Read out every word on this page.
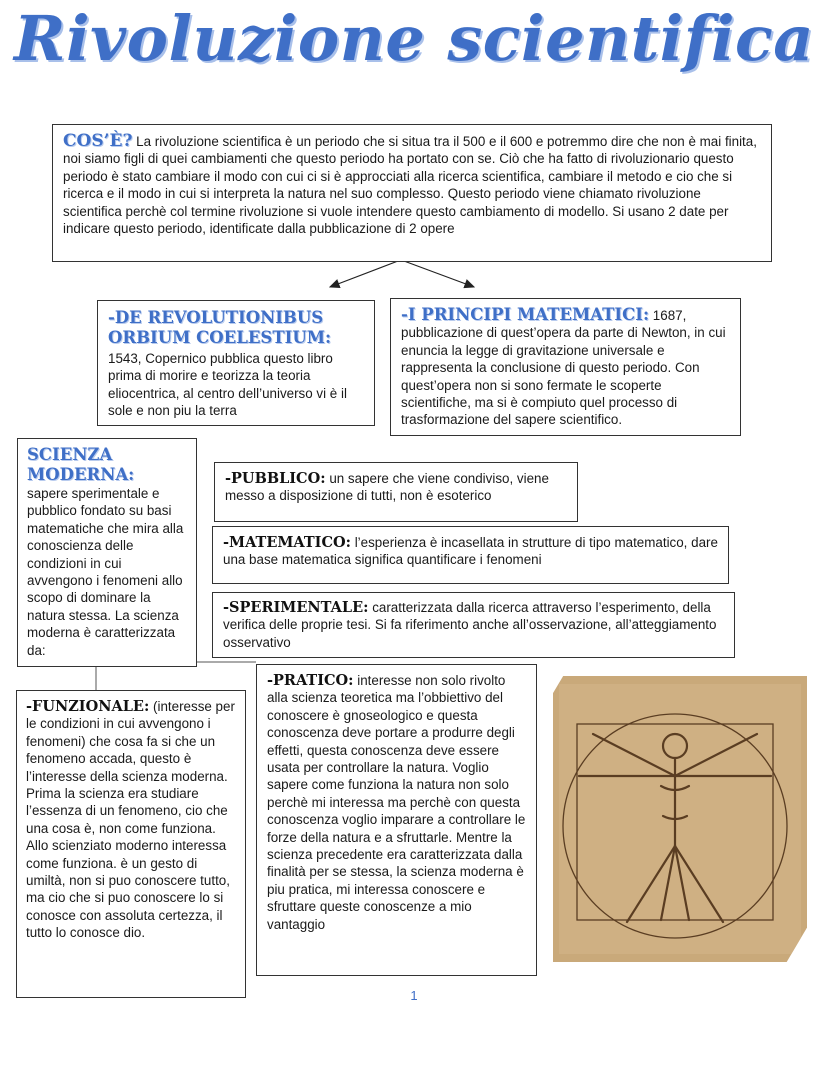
Rivoluzione scientifica
COS’È? La rivoluzione scientifica è un periodo che si situa tra il 500 e il 600 e potremmo dire che non è mai finita, noi siamo figli di quei cambiamenti che questo periodo ha portato con se. Ciò che ha fatto di rivoluzionario questo periodo è stato cambiare il modo con cui ci si è approcciati alla ricerca scientifica, cambiare il metodo e cio che si ricerca e il modo in cui si interpreta la natura nel suo complesso. Questo periodo viene chiamato rivoluzione scientifica perchè col termine rivoluzione si vuole intendere questo cambiamento di modello. Si usano 2 date per indicare questo periodo, identificate dalla pubblicazione di 2 opere
-DE REVOLUTIONIBUS ORBIUM COELESTIUM:
1543, Copernico pubblica questo libro prima di morire e teorizza la teoria eliocentrica, al centro dell’universo vi è il sole e non piu la terra
-I PRINCIPI MATEMATICI: 1687, pubblicazione di quest’opera da parte di Newton, in cui enuncia la legge di gravitazione universale e rappresenta la conclusione di questo periodo. Con quest’opera non si sono fermate le scoperte scientifiche, ma si è compiuto quel processo di trasformazione del sapere scientifico.
SCIENZA MODERNA:
sapere sperimentale e pubblico fondato su basi matematiche che mira alla conoscienza delle condizioni in cui avvengono i fenomeni allo scopo di dominare la natura stessa. La scienza moderna è caratterizzata da:
-PUBBLICO: un sapere che viene condiviso, viene messo a disposizione di tutti, non è esoterico
-MATEMATICO: l’esperienza è incasellata in strutture di tipo matematico, dare una base matematica significa quantificare i fenomeni
-SPERIMENTALE: caratterizzata dalla ricerca attraverso l’esperimento, della verifica delle proprie tesi. Si fa riferimento anche all’osservazione, all’atteggiamento osservativo
-FUNZIONALE: (interesse per le condizioni in cui avvengono i fenomeni) che cosa fa si che un fenomeno accada, questo è l’interesse della scienza moderna. Prima la scienza era studiare l’essenza di un fenomeno, cio che una cosa è, non come funziona. Allo scienziato moderno interessa come funziona. è un gesto di umiltà, non si puo conoscere tutto, ma cio che si puo conoscere lo si conosce con assoluta certezza, il tutto lo conosce dio.
-PRATICO: interesse non solo rivolto alla scienza teoretica ma l’obbiettivo del conoscere è gnoseologico e questa conoscenza deve portare a produrre degli effetti, questa conoscenza deve essere usata per controllare la natura. Voglio sapere come funziona la natura non solo perchè mi interessa ma perchè con questa conoscenza voglio imparare a controllare le forze della natura e a sfruttarle. Mentre la scienza precedente era caratterizzata dalla finalità per se stessa, la scienza moderna è piu pratica, mi interessa conoscere e sfruttare queste conoscenze a mio vantaggio
1
